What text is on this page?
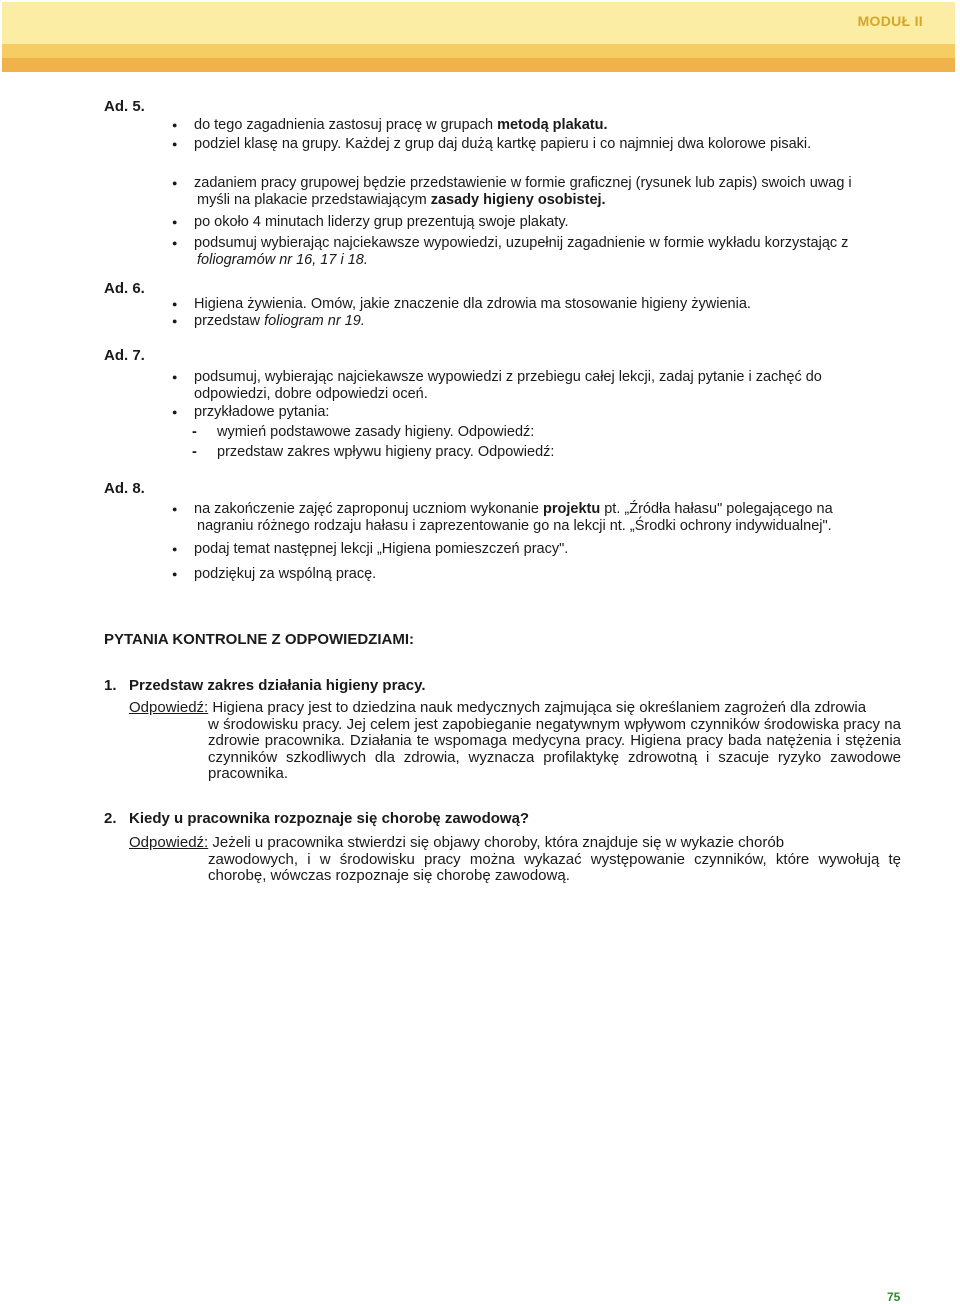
MODUŁ II
Ad. 5.
Ad. 6.
Ad. 7.
Ad. 8.
● do tego zagadnienia zastosuj pracę w grupach metodą plakatu.
● podziel klasę na grupy. Każdej z grup daj dużą kartkę papieru i co najmniej dwa kolorowe pisaki.
● zadaniem pracy grupowej będzie przedstawienie w formie graficznej (rysunek lub zapis) swoich uwag i
myśli na plakacie przedstawiającym zasady higieny osobistej.
● po około 4 minutach liderzy grup prezentują swoje plakaty.
● podsumuj wybierając najciekawsze wypowiedzi, uzupełnij zagadnienie w formie wykładu korzystając z
foliogramów nr 16, 17 i 18.
● Higiena żywienia. Omów, jakie znaczenie dla zdrowia ma stosowanie higieny żywienia.
● przedstaw foliogram nr 19.
● podsumuj, wybierając najciekawsze wypowiedzi z przebiegu całej lekcji, zadaj pytanie i zachęć do
odpowiedzi, dobre odpowiedzi oceń.
● przykładowe pytania:
- wymień podstawowe zasady higieny. Odpowiedź:
- przedstaw zakres wpływu higieny pracy. Odpowiedź:
● na zakończenie zajęć zaproponuj uczniom wykonanie projektu pt. „Źródła hałasu" polegającego na
nagraniu różnego rodzaju hałasu i zaprezentowanie go na lekcji nt. „Środki ochrony indywidualnej".
● podaj temat następnej lekcji „Higiena pomieszczeń pracy".
● podziękuj za wspólną pracę.
PYTANIA KONTROLNE Z ODPOWIEDZIAMI:
1. Przedstaw zakres działania higieny pracy.
Odpowiedź: Higiena pracy jest to dziedzina nauk medycznych zajmująca się określaniem zagrożeń dla zdrowia
w środowisku pracy. Jej celem jest zapobieganie negatywnym wpływom czynników środowiska pracy na zdrowie pracownika. Działania te wspomaga medycyna pracy. Higiena pracy bada natężenia i stężenia czynników szkodliwych dla zdrowia, wyznacza profilaktykę zdrowotną i szacuje ryzyko zawodowe pracownika.
2. Kiedy u pracownika rozpoznaje się chorobę zawodową?
Odpowiedź: Jeżeli u pracownika stwierdzi się objawy choroby, która znajduje się w wykazie chorób
zawodowych, i w środowisku pracy można wykazać występowanie czynników, które wywołują tę chorobę, wówczas rozpoznaje się chorobę zawodową.
75
